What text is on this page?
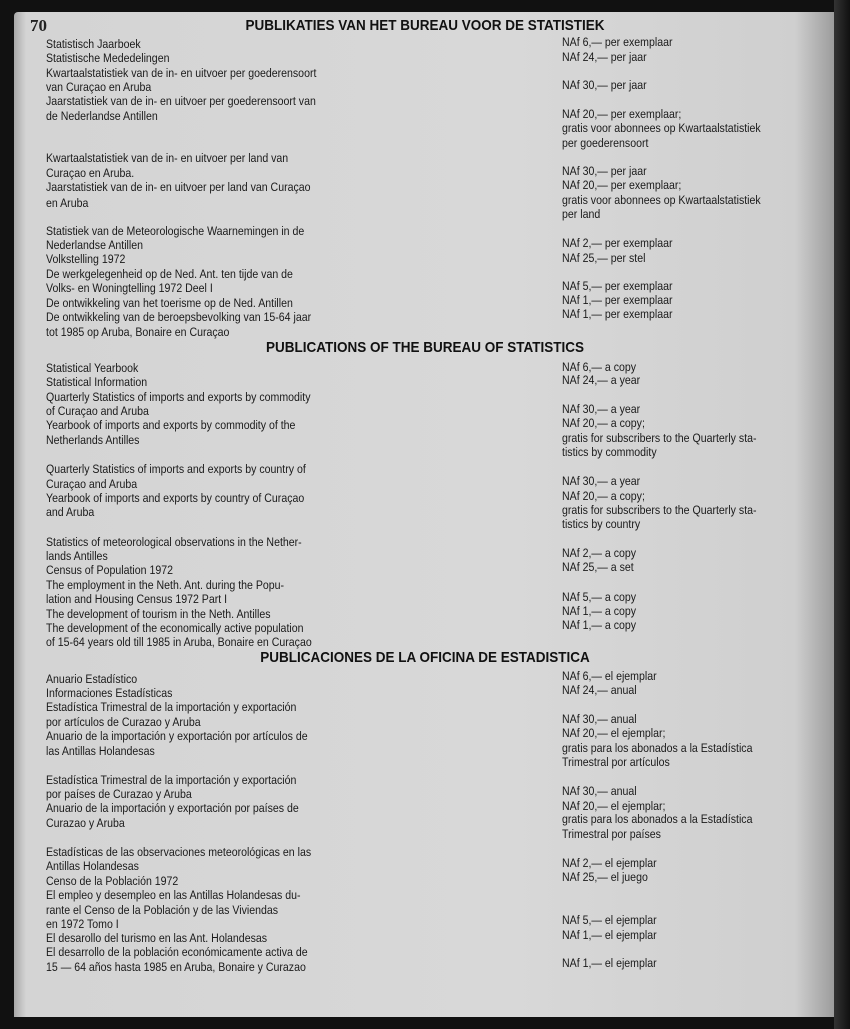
70	PUBLIKATIES VAN HET BUREAU VOOR DE STATISTIEK
Statistisch Jaarboek
Statistische Mededelingen
Kwartaalstatistiek van de in- en uitvoer per goederensoort
van Curaçao en Aruba
Jaarstatistiek van de in- en uitvoer per goederensoort van
de Nederlandse Antillen
Kwartaalstatistiek van de in- en uitvoer per land van
Curaçao en Aruba.
Jaarstatistiek van de in- en uitvoer per land van Curaçao
en Aruba
Statistiek van de Meteorologische Waarnemingen in de
Nederlandse Antillen
Volkstelling 1972
De werkgelegenheid op de Ned. Ant. ten tijde van de
Volks- en Woningtelling 1972 Deel I
De ontwikkeling van het toerisme op de Ned. Antillen
De ontwikkeling van de beroepsbevolking van 15-64 jaar
tot 1985 op Aruba, Bonaire en Curaçao
NAf 6,— per exemplaar
NAf 24,— per jaar
NAf 30,— per jaar
NAf 20,— per exemplaar;
gratis voor abonnees op Kwartaalstatistiek
per goederensoort
NAf 30,— per jaar
NAf 20,— per exemplaar;
gratis voor abonnees op Kwartaalstatistiek
per land
NAf 2,— per exemplaar
NAf 25,— per stel
NAf 5,— per exemplaar
NAf 1,— per exemplaar
NAf 1,— per exemplaar
PUBLICATIONS OF THE BUREAU OF STATISTICS
Statistical Yearbook
Statistical Information
Quarterly Statistics of imports and exports by commodity
of Curaçao and Aruba
Yearbook of imports and exports by commodity of the
Netherlands Antilles
Quarterly Statistics of imports and exports by country of
Curaçao and Aruba
Yearbook of imports and exports by country of Curaçao
and Aruba
Statistics of meteorological observations in the Nether-
lands Antilles
Census of Population 1972
The employment in the Neth. Ant. during the Popu-
lation and Housing Census 1972 Part I
The development of tourism in the Neth. Antilles
The development of the economically active population
of 15-64 years old till 1985 in Aruba, Bonaire en Curaçao
NAf 6,— a copy
NAf 24,— a year
NAf 30,— a year
NAf 20,— a copy;
gratis for subscribers to the Quarterly sta-
tistics by commodity
NAf 30,— a year
NAf 20,— a copy;
gratis for subscribers to the Quarterly sta-
tistics by country
NAf 2,— a copy
NAf 25,— a set
NAf 5,— a copy
NAf 1,— a copy
NAf 1,— a copy
PUBLICACIONES DE LA OFICINA DE ESTADISTICA
Anuario Estadístico
Informaciones Estadísticas
Estadística Trimestral de la importación y exportación
por artículos de Curazao y Aruba
Anuario de la importación y exportación por artículos de
las Antillas Holandesas
Estadística Trimestral de la importación y exportación
por países de Curazao y Aruba
Anuario de la importación y exportación por países de
Curazao y Aruba
Estadísticas de las observaciones meteorológicas en las
Antillas Holandesas
Censo de la Población 1972
El empleo y desempleo en las Antillas Holandesas du-
rante el Censo de la Población y de las Viviendas
en 1972 Tomo I
El desarollo del turismo en las Ant. Holandesas
El desarrollo de la población económicamente activa de
15 — 64 años hasta 1985 en Aruba, Bonaire y Curazao
NAf 6,— el ejemplar
NAf 24,— anual
NAf 30,— anual
NAf 20,— el ejemplar;
gratis para los abonados a la Estadística
Trimestral por artículos
NAf 30,— anual
NAf 20,— el ejemplar;
gratis para los abonados a la Estadística
Trimestral por países
NAf 2,— el ejemplar
NAf 25,— el juego
NAf 5,— el ejemplar
NAf 1,— el ejemplar
NAf 1,— el ejemplar
